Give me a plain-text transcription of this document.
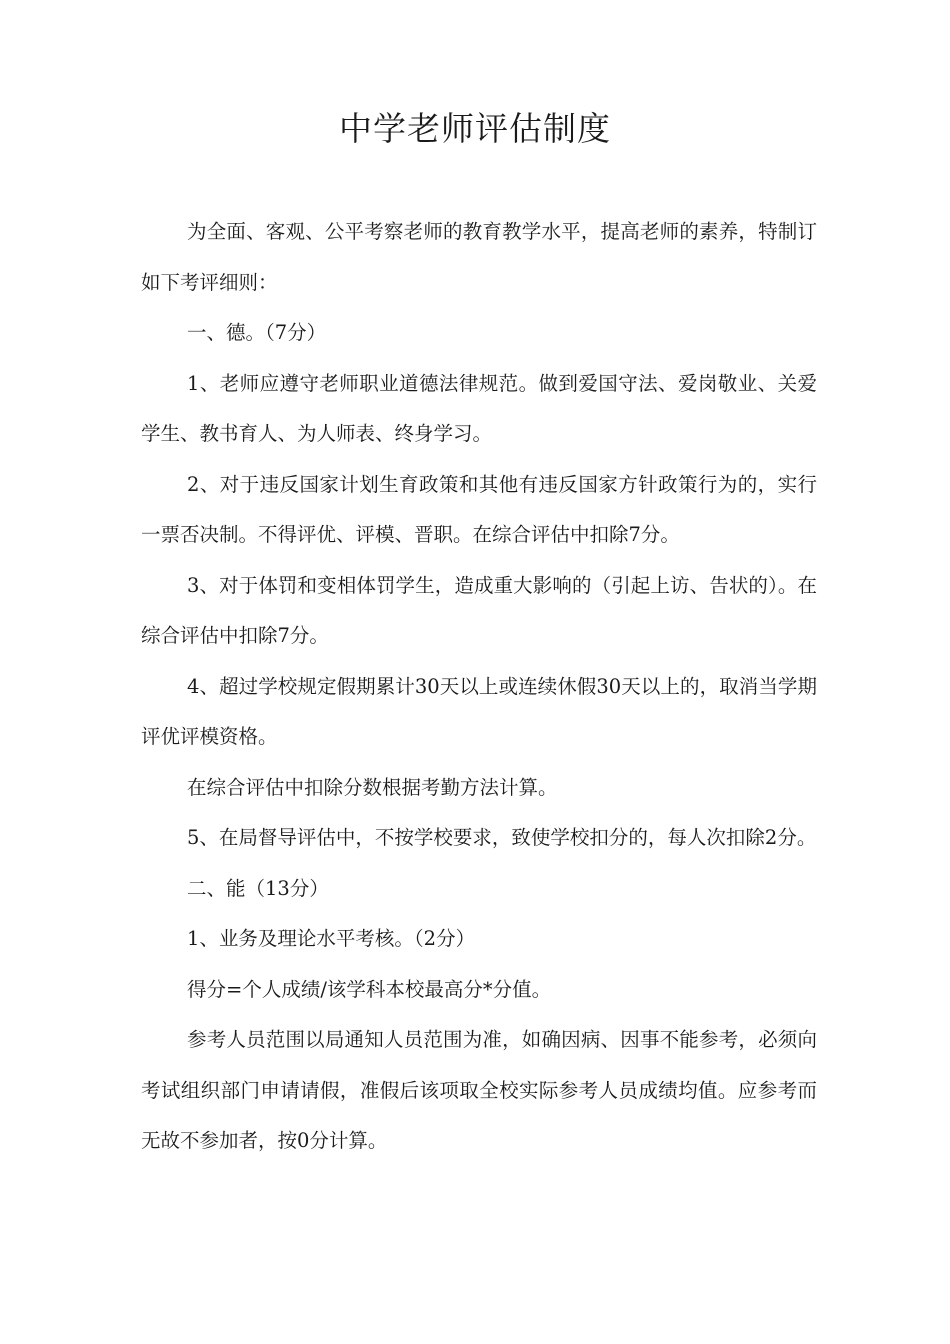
中学老师评估制度

为全面、客观、公平考察老师的教育教学水平，提高老师的素养，特制订如下考评细则：

一、德。（7分）

1、老师应遵守老师职业道德法律规范。做到爱国守法、爱岗敬业、关爱学生、教书育人、为人师表、终身学习。

2、对于违反国家计划生育政策和其他有违反国家方针政策行为的，实行一票否决制。不得评优、评模、晋职。在综合评估中扣除7分。

3、对于体罚和变相体罚学生，造成重大影响的（引起上访、告状的）。在综合评估中扣除7分。

4、超过学校规定假期累计30天以上或连续休假30天以上的，取消当学期评优评模资格。

在综合评估中扣除分数根据考勤方法计算。

5、在局督导评估中，不按学校要求，致使学校扣分的，每人次扣除2分。

二、能（13分）

1、业务及理论水平考核。（2分）

得分=个人成绩/该学科本校最高分*分值。

参考人员范围以局通知人员范围为准，如确因病、因事不能参考，必须向考试组织部门申请请假，准假后该项取全校实际参考人员成绩均值。应参考而无故不参加者，按0分计算。
